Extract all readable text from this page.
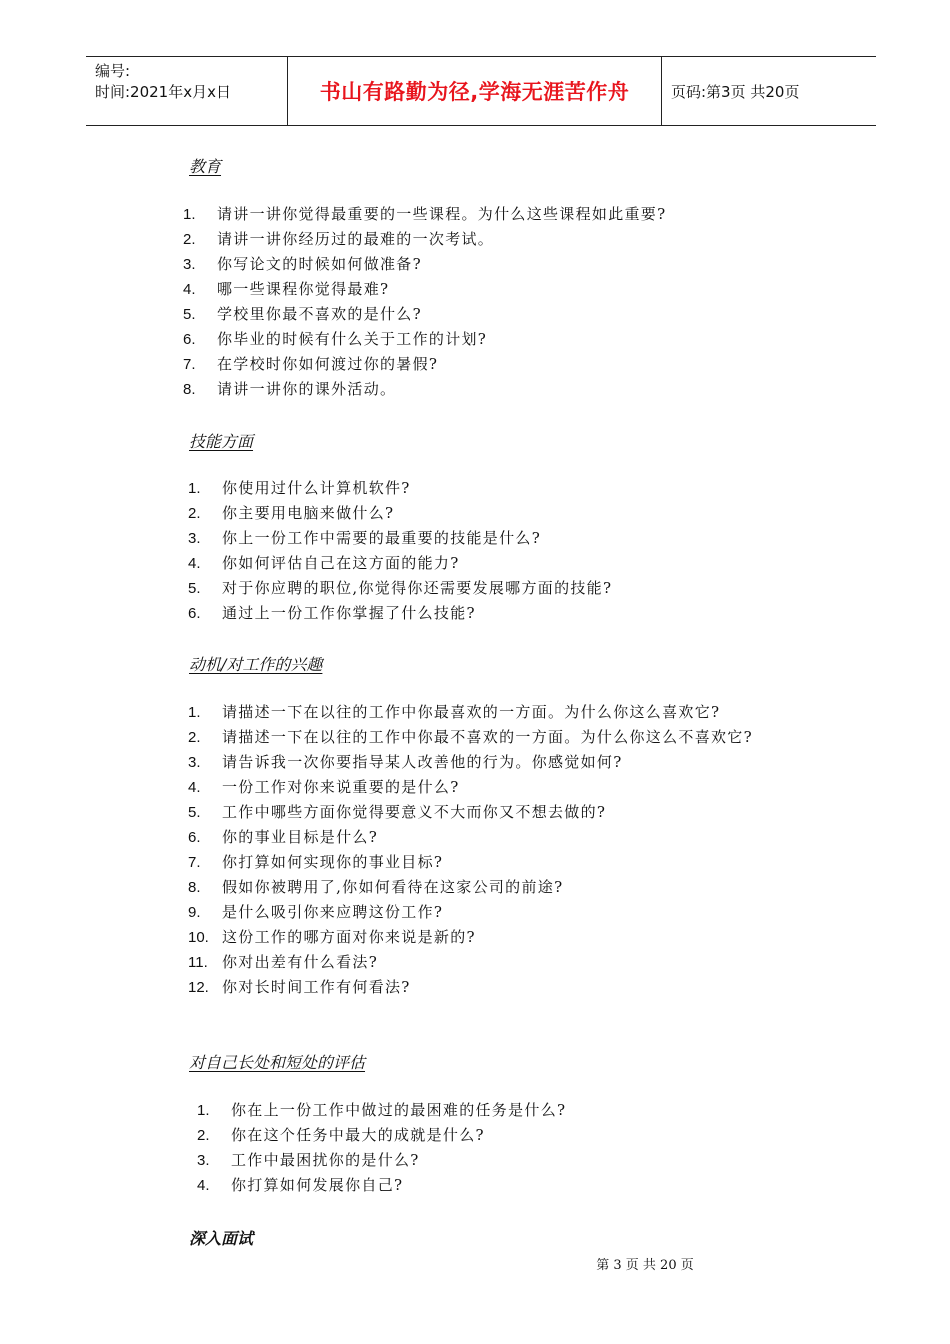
编号:
时间:2021年x月x日	书山有路勤为径,学海无涯苦作舟	页码:第3页 共20页
教育
1.	请讲一讲你觉得最重要的一些课程。为什么这些课程如此重要?
2.	请讲一讲你经历过的最难的一次考试。
3.	你写论文的时候如何做准备?
4.	哪一些课程你觉得最难?
5.	学校里你最不喜欢的是什么?
6.	你毕业的时候有什么关于工作的计划?
7.	在学校时你如何渡过你的暑假?
8.	请讲一讲你的课外活动。
技能方面
1.	你使用过什么计算机软件?
2.	你主要用电脑来做什么?
3.	你上一份工作中需要的最重要的技能是什么?
4.	你如何评估自己在这方面的能力?
5.	对于你应聘的职位,你觉得你还需要发展哪方面的技能?
6.	通过上一份工作你掌握了什么技能?
动机/对工作的兴趣
1.	请描述一下在以往的工作中你最喜欢的一方面。为什么你这么喜欢它?
2.	请描述一下在以往的工作中你最不喜欢的一方面。为什么你这么不喜欢它?
3.	请告诉我一次你要指导某人改善他的行为。你感觉如何?
4.	一份工作对你来说重要的是什么?
5.	工作中哪些方面你觉得要意义不大而你又不想去做的?
6.	你的事业目标是什么?
7.	你打算如何实现你的事业目标?
8.	假如你被聘用了,你如何看待在这家公司的前途?
9.	是什么吸引你来应聘这份工作?
10. 这份工作的哪方面对你来说是新的?
11. 你对出差有什么看法?
12. 你对长时间工作有何看法?
对自己长处和短处的评估
1.	你在上一份工作中做过的最困难的任务是什么?
2.	你在这个任务中最大的成就是什么?
3.	工作中最困扰你的是什么?
4.	你打算如何发展你自己?
深入面试
第 3 页 共 20 页
